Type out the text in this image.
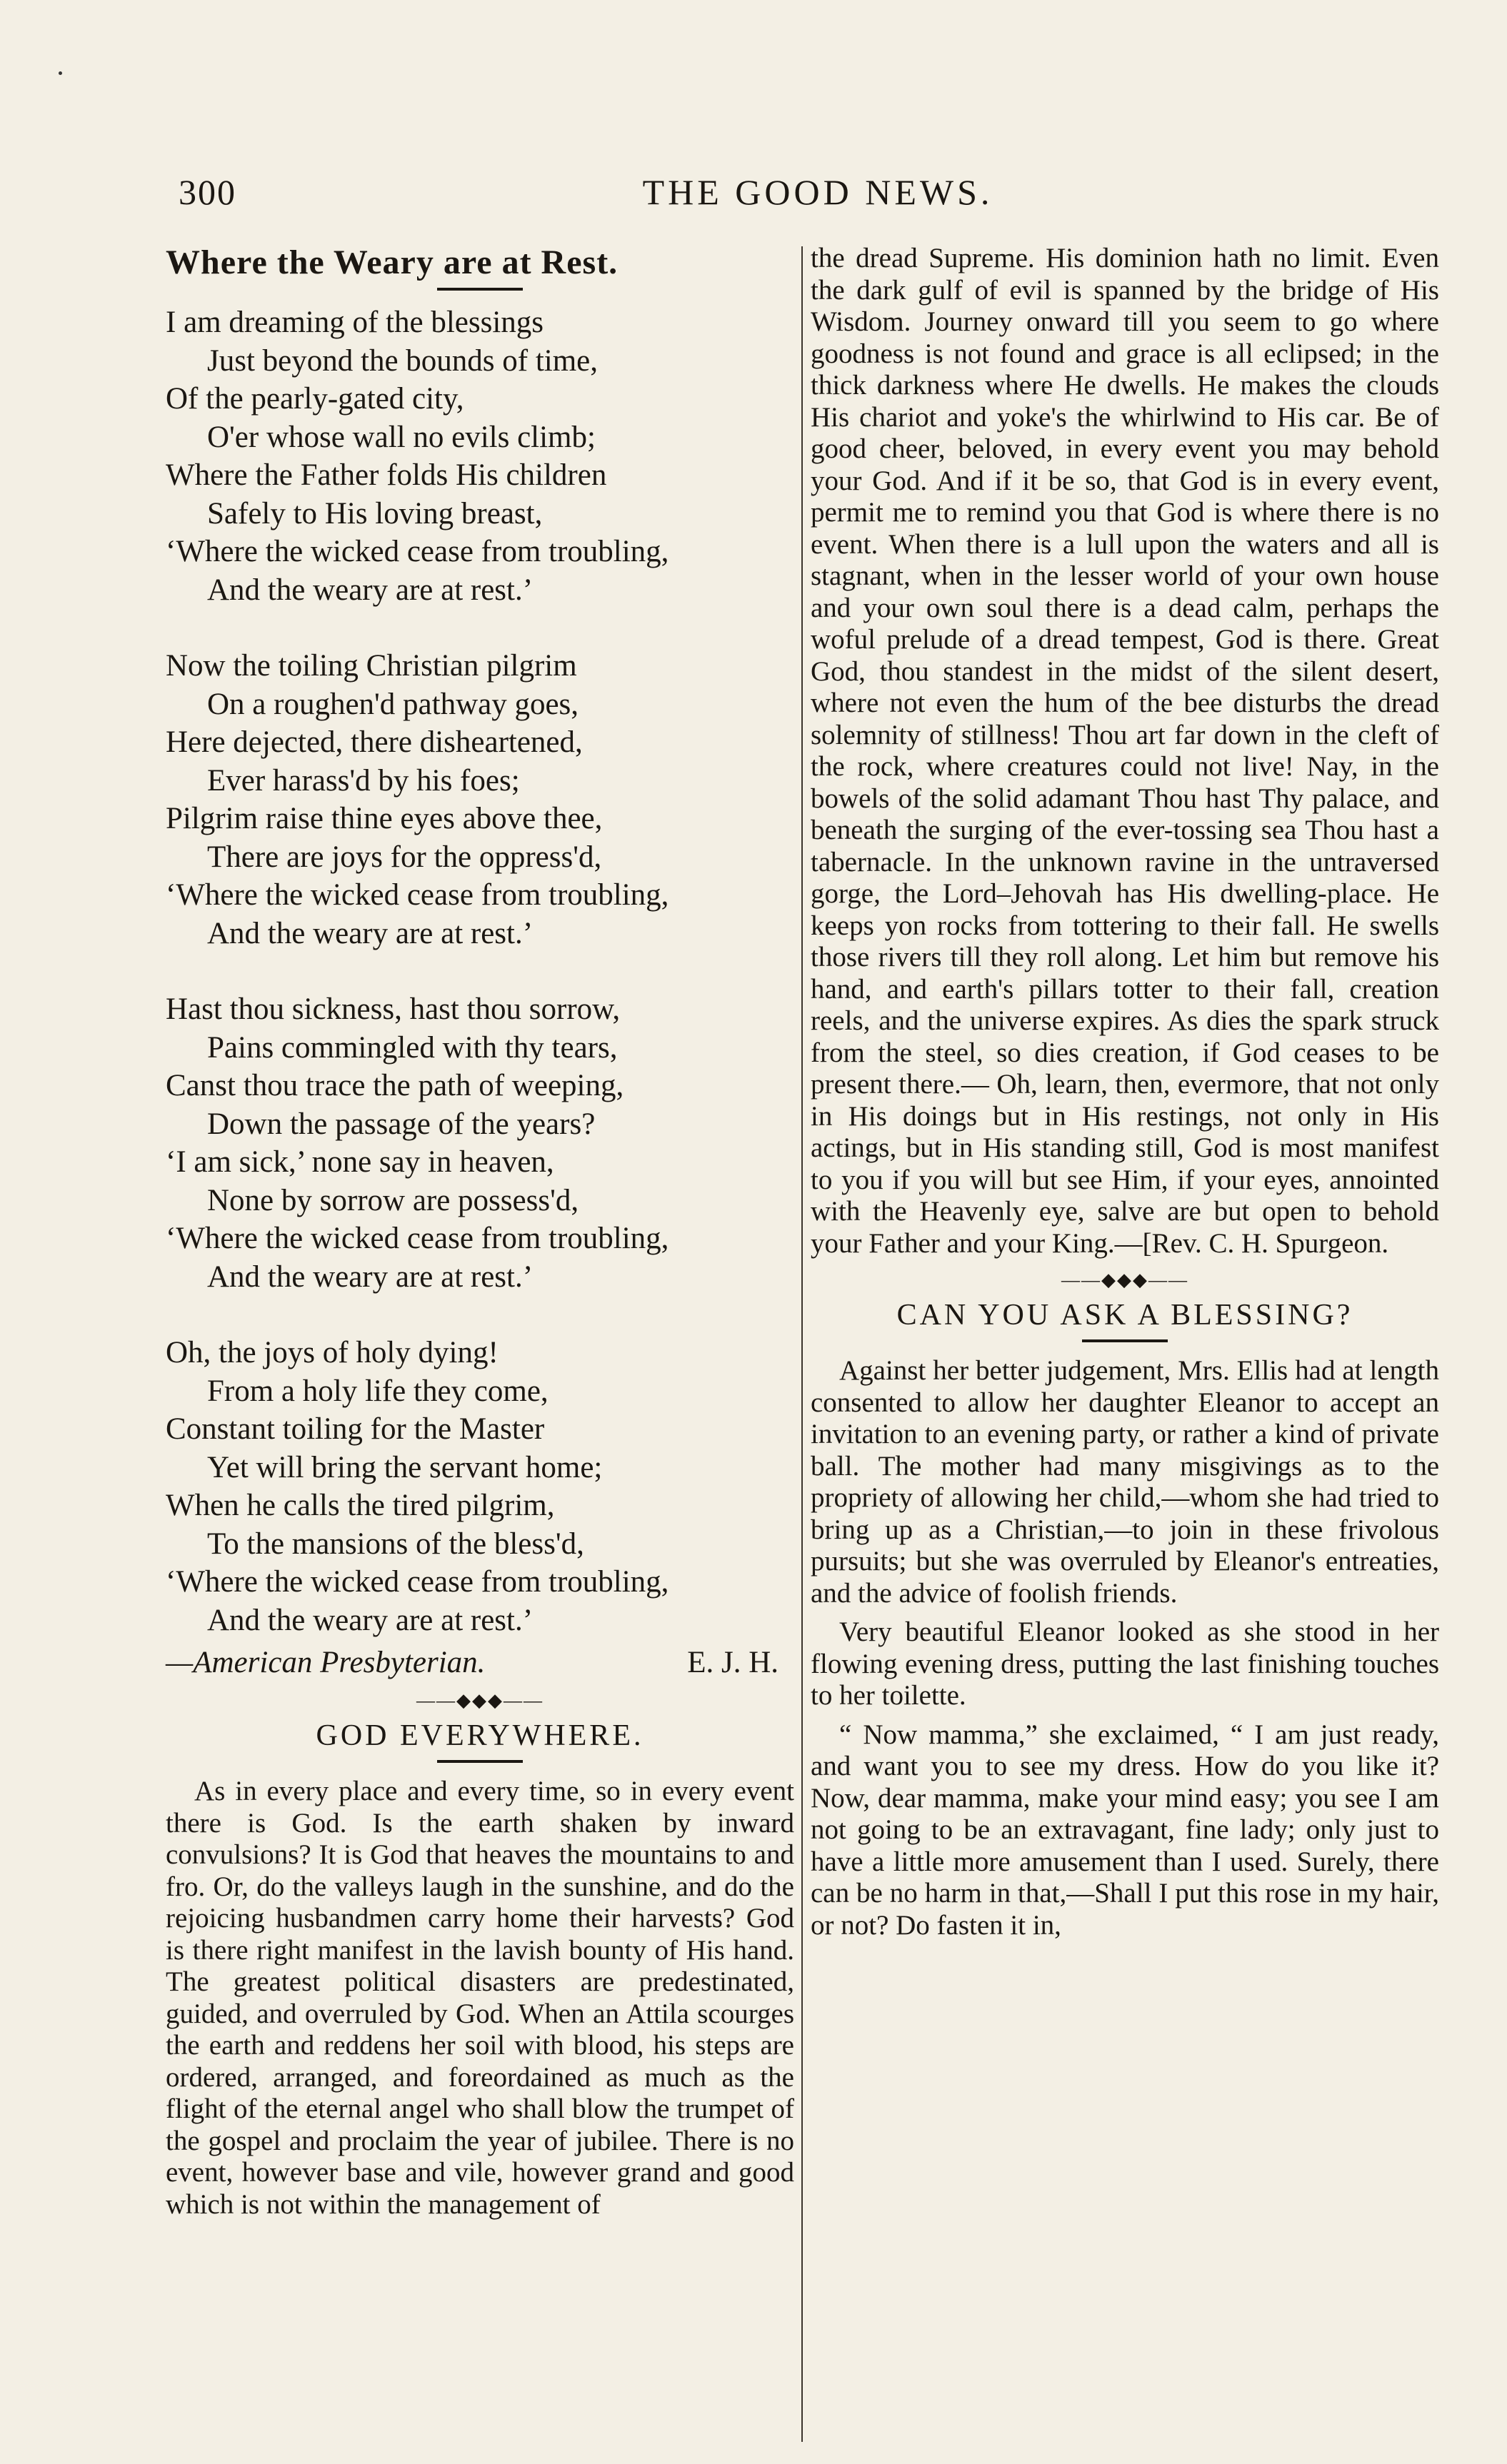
300	THE GOOD NEWS.
Where the Weary are at Rest.
I am dreaming of the blessings
Just beyond the bounds of time,
Of the pearly-gated city,
O'er whose wall no evils climb;
Where the Father folds His children
Safely to His loving breast,
‘Where the wicked cease from troubling,
And the weary are at rest.’
Now the toiling Christian pilgrim
On a roughen'd pathway goes,
Here dejected, there disheartened,
Ever harass'd by his foes;
Pilgrim raise thine eyes above thee,
There are joys for the oppress'd,
‘Where the wicked cease from troubling,
And the weary are at rest.’
Hast thou sickness, hast thou sorrow,
Pains commingled with thy tears,
Canst thou trace the path of weeping,
Down the passage of the years?
‘I am sick,’ none say in heaven,
None by sorrow are possess'd,
‘Where the wicked cease from troubling,
And the weary are at rest.’
Oh, the joys of holy dying!
From a holy life they come,
Constant toiling for the Master
Yet will bring the servant home;
When he calls the tired pilgrim,
To the mansions of the bless'd,
‘Where the wicked cease from troubling,
And the weary are at rest.’
—American Presbyterian.	E. J. H.
——◆◆◆——
GOD EVERYWHERE.

As in every place and every time, so in every event there is God. Is the earth shaken by inward convulsions? It is God that heaves the mountains to and fro. Or, do the valleys laugh in the sunshine, and do the rejoicing husbandmen carry home their harvests? God is there right manifest in the lavish bounty of His hand. The greatest political disasters are predestinated, guided, and overruled by God. When an Attila scourges the earth and reddens her soil with blood, his steps are ordered, arranged, and foreordained as much as the flight of the eternal angel who shall blow the trumpet of the gospel and proclaim the year of jubilee. There is no event, however base and vile, however grand and good which is not within the management of

the dread Supreme. His dominion hath no limit. Even the dark gulf of evil is spanned by the bridge of His Wisdom. Journey onward till you seem to go where goodness is not found and grace is all eclipsed; in the thick darkness where He dwells. He makes the clouds His chariot and yoke's the whirlwind to His car. Be of good cheer, beloved, in every event you may behold your God. And if it be so, that God is in every event, permit me to remind you that God is where there is no event. When there is a lull upon the waters and all is stagnant, when in the lesser world of your own house and your own soul there is a dead calm, perhaps the woful prelude of a dread tempest, God is there. Great God, thou standest in the midst of the silent desert, where not even the hum of the bee disturbs the dread solemnity of stillness! Thou art far down in the cleft of the rock, where creatures could not live! Nay, in the bowels of the solid adamant Thou hast Thy palace, and beneath the surging of the ever-tossing sea Thou hast a tabernacle. In the unknown ravine in the untraversed gorge, the Lord–Jehovah has His dwelling-place. He keeps yon rocks from tottering to their fall. He swells those rivers till they roll along. Let him but remove his hand, and earth's pillars totter to their fall, creation reels, and the universe expires. As dies the spark struck from the steel, so dies creation, if God ceases to be present there.— Oh, learn, then, evermore, that not only in His doings but in His restings, not only in His actings, but in His standing still, God is most manifest to you if you will but see Him, if your eyes, annointed with the Heavenly eye, salve are but open to behold your Father and your King.—[Rev. C. H. Spurgeon.

——◆◆◆——
CAN YOU ASK A BLESSING?

Against her better judgement, Mrs. Ellis had at length consented to allow her daughter Eleanor to accept an invitation to an evening party, or rather a kind of private ball. The mother had many misgivings as to the propriety of allowing her child,—whom she had tried to bring up as a Christian,—to join in these frivolous pursuits; but she was overruled by Eleanor's entreaties, and the advice of foolish friends.

Very beautiful Eleanor looked as she stood in her flowing evening dress, putting the last finishing touches to her toilette.

“ Now mamma,” she exclaimed, “ I am just ready, and want you to see my dress. How do you like it? Now, dear mamma, make your mind easy; you see I am not going to be an extravagant, fine lady; only just to have a little more amusement than I used. Surely, there can be no harm in that,—Shall I put this rose in my hair, or not? Do fasten it in,
